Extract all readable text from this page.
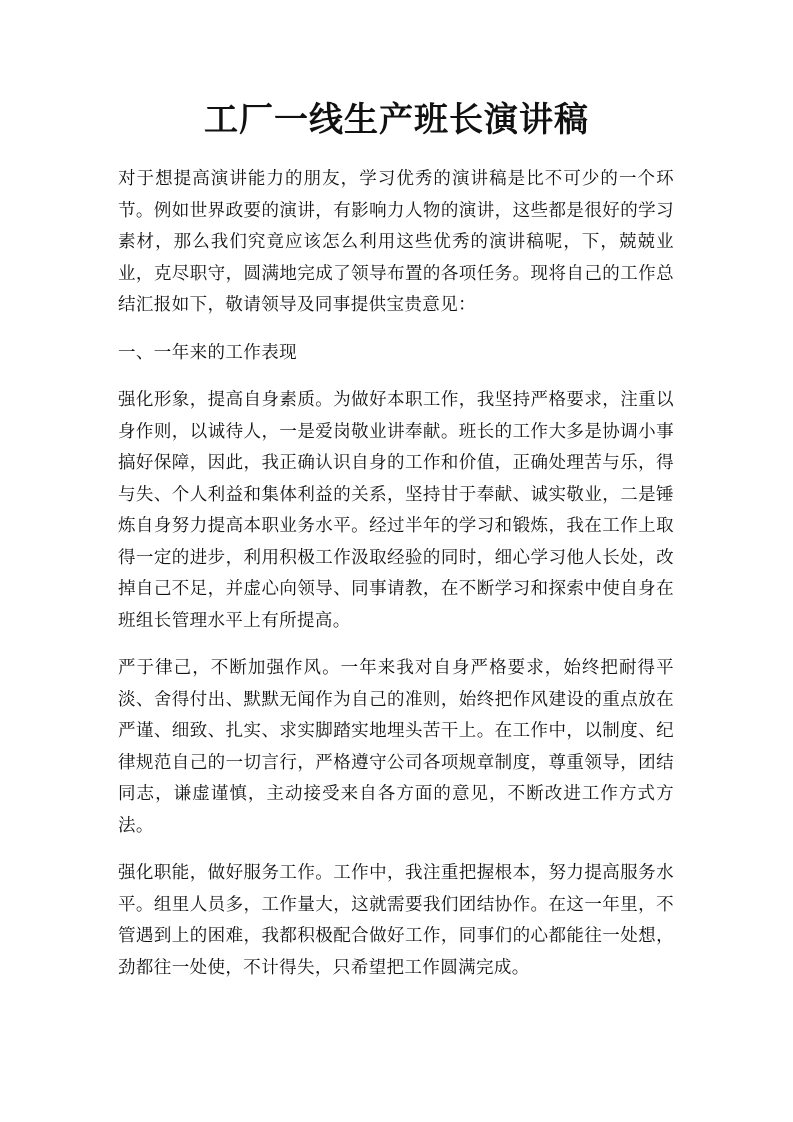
工厂一线生产班长演讲稿

对于想提高演讲能力的朋友，学习优秀的演讲稿是比不可少的一个环节。例如世界政要的演讲，有影响力人物的演讲，这些都是很好的学习素材，那么我们究竟应该怎么利用这些优秀的演讲稿呢，下，兢兢业业，克尽职守，圆满地完成了领导布置的各项任务。现将自己的工作总结汇报如下，敬请领导及同事提供宝贵意见：

一、一年来的工作表现

强化形象，提高自身素质。为做好本职工作，我坚持严格要求，注重以身作则，以诚待人，一是爱岗敬业讲奉献。班长的工作大多是协调小事搞好保障，因此，我正确认识自身的工作和价值，正确处理苦与乐，得与失、个人利益和集体利益的关系，坚持甘于奉献、诚实敬业，二是锤炼自身努力提高本职业务水平。经过半年的学习和锻炼，我在工作上取得一定的进步，利用积极工作汲取经验的同时，细心学习他人长处，改掉自己不足，并虚心向领导、同事请教，在不断学习和探索中使自身在班组长管理水平上有所提高。

严于律己，不断加强作风。一年来我对自身严格要求，始终把耐得平淡、舍得付出、默默无闻作为自己的准则，始终把作风建设的重点放在严谨、细致、扎实、求实脚踏实地埋头苦干上。在工作中，以制度、纪律规范自己的一切言行，严格遵守公司各项规章制度，尊重领导，团结同志，谦虚谨慎，主动接受来自各方面的意见，不断改进工作方式方法。

强化职能，做好服务工作。工作中，我注重把握根本，努力提高服务水平。组里人员多，工作量大，这就需要我们团结协作。在这一年里，不管遇到上的困难，我都积极配合做好工作，同事们的心都能往一处想，劲都往一处使，不计得失，只希望把工作圆满完成。
